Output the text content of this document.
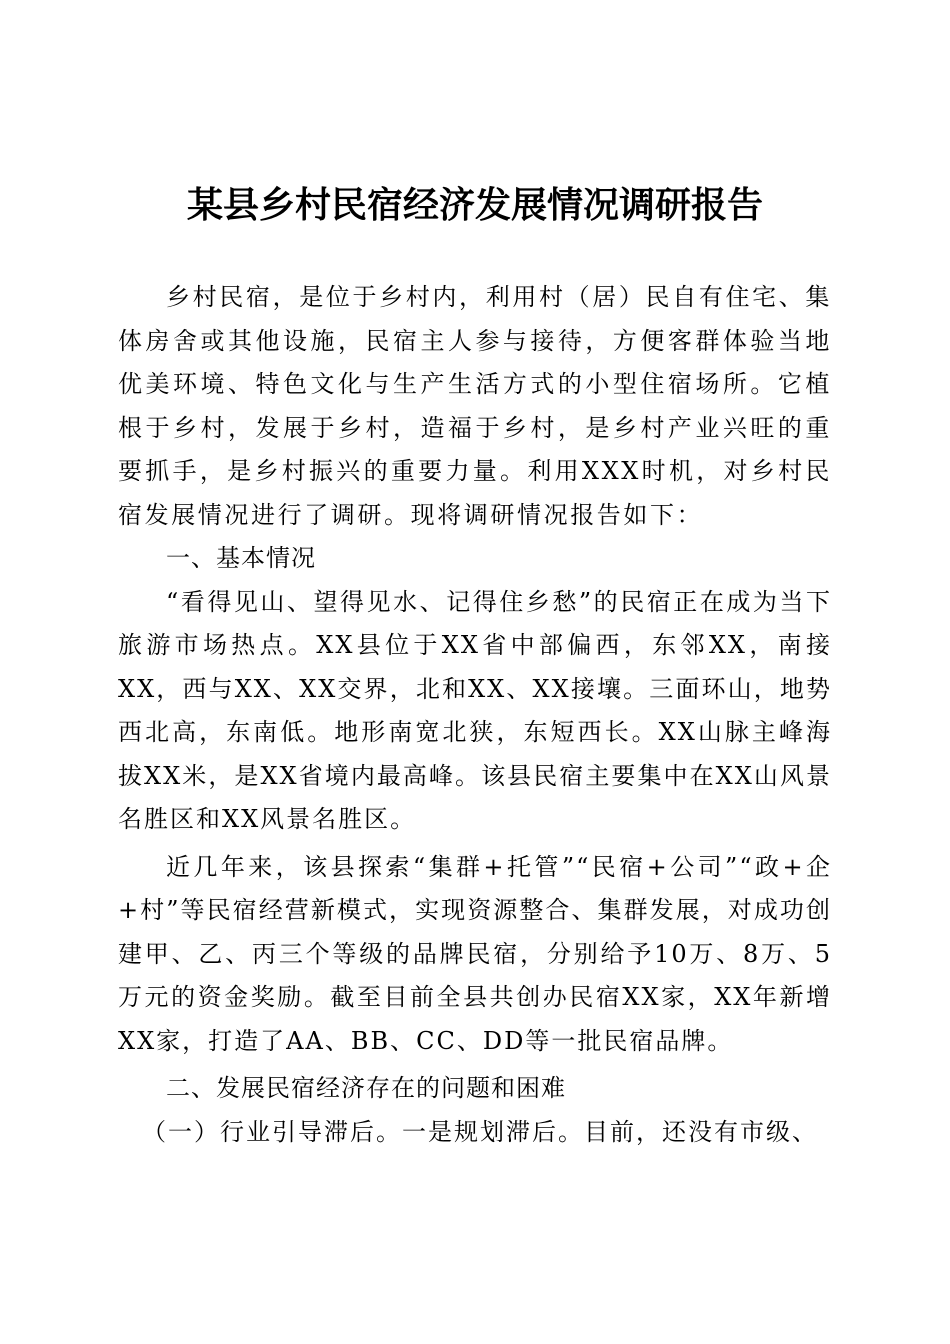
某县乡村民宿经济发展情况调研报告

乡村民宿，是位于乡村内，利用村（居）民自有住宅、集体房舍或其他设施，民宿主人参与接待，方便客群体验当地优美环境、特色文化与生产生活方式的小型住宿场所。它植根于乡村，发展于乡村，造福于乡村，是乡村产业兴旺的重要抓手，是乡村振兴的重要力量。利用XXX时机，对乡村民宿发展情况进行了调研。现将调研情况报告如下：

一、基本情况

“看得见山、望得见水、记得住乡愁”的民宿正在成为当下旅游市场热点。XX县位于XX省中部偏西，东邻XX，南接XX，西与XX、XX交界，北和XX、XX接壤。三面环山，地势西北高，东南低。地形南宽北狭，东短西长。XX山脉主峰海拔XX米，是XX省境内最高峰。该县民宿主要集中在XX山风景名胜区和XX风景名胜区。

近几年来，该县探索“集群+托管”“民宿+公司”“政+企+村”等民宿经营新模式，实现资源整合、集群发展，对成功创建甲、乙、丙三个等级的品牌民宿，分别给予10万、8万、5万元的资金奖励。截至目前全县共创办民宿XX家，XX年新增XX家，打造了AA、BB、CC、DD等一批民宿品牌。

二、发展民宿经济存在的问题和困难

（一）行业引导滞后。一是规划滞后。目前，还没有市级、
